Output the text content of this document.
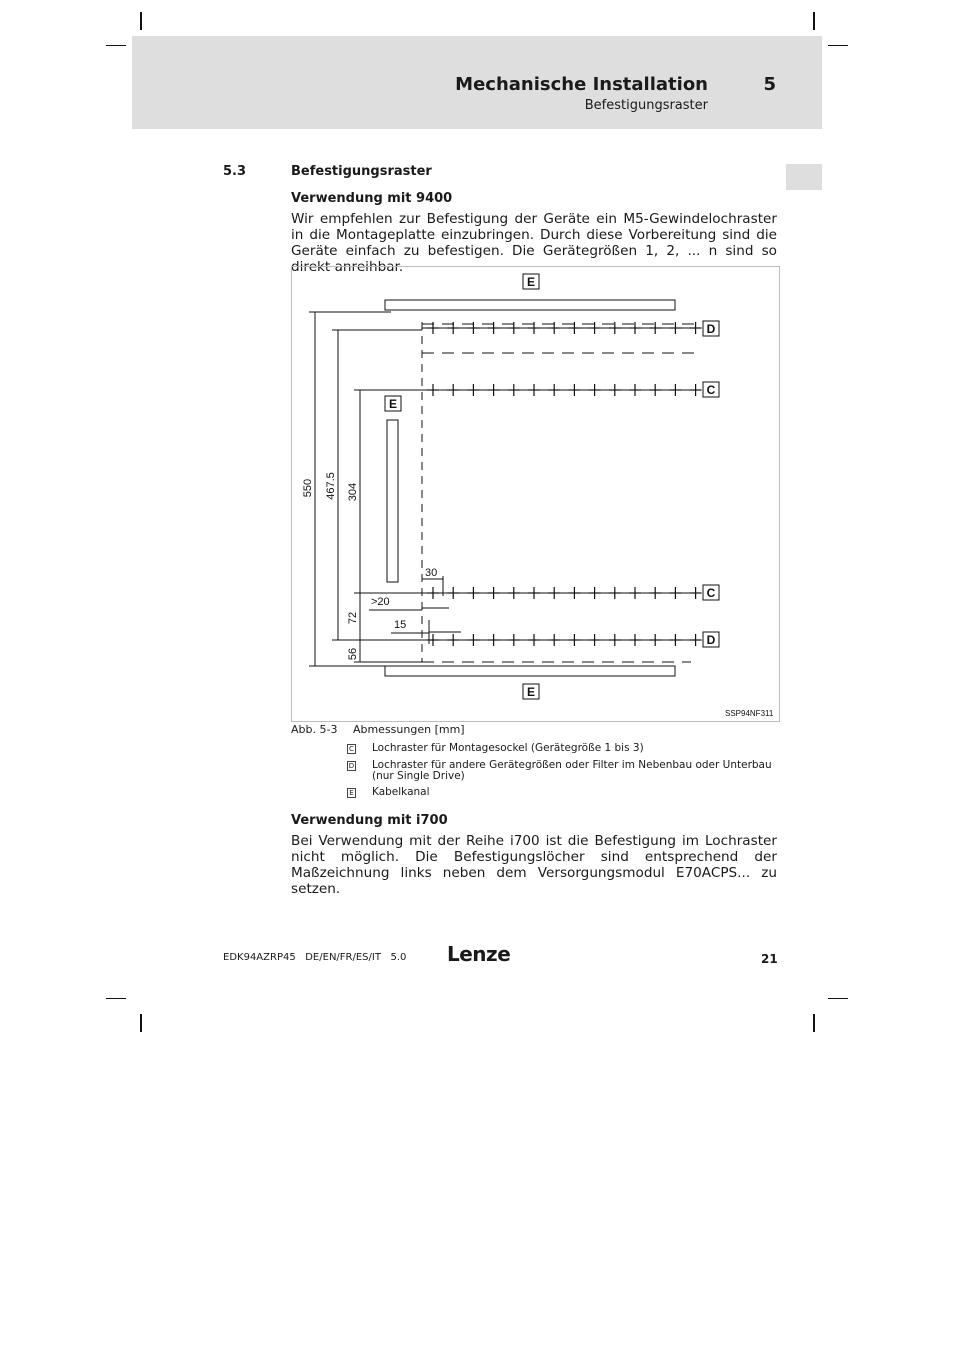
Mechanische Installation	5
Befestigungsraster
5.3	Befestigungsraster
Verwendung mit 9400
Wir empfehlen zur Befestigung der Geräte ein M5-Gewindelochraster in die Montageplatte einzubringen. Durch diese Vorbereitung sind die Geräte einfach zu befestigen. Die Gerätegrößen 1, 2, ... n sind so direkt anreihbar.
E
E
E
D
C
C
D
550 467.5 304
72
56
30
>20
15
SSP94NF311
Abb. 5-3 Abmessungen [mm]
C Lochraster für Montagesockel (Gerätegröße 1 bis 3)
D Lochraster für andere Gerätegrößen oder Filter im Nebenbau oder Unterbau (nur Single Drive)
E Kabelkanal
Verwendung mit i700
Bei Verwendung mit der Reihe i700 ist die Befestigung im Lochraster nicht möglich. Die Befestigungslöcher sind entsprechend der Maßzeichnung links neben dem Versorgungsmodul E70ACPS... zu setzen.
EDK94AZRP45   DE/EN/FR/ES/IT   5.0 Lenze	21
